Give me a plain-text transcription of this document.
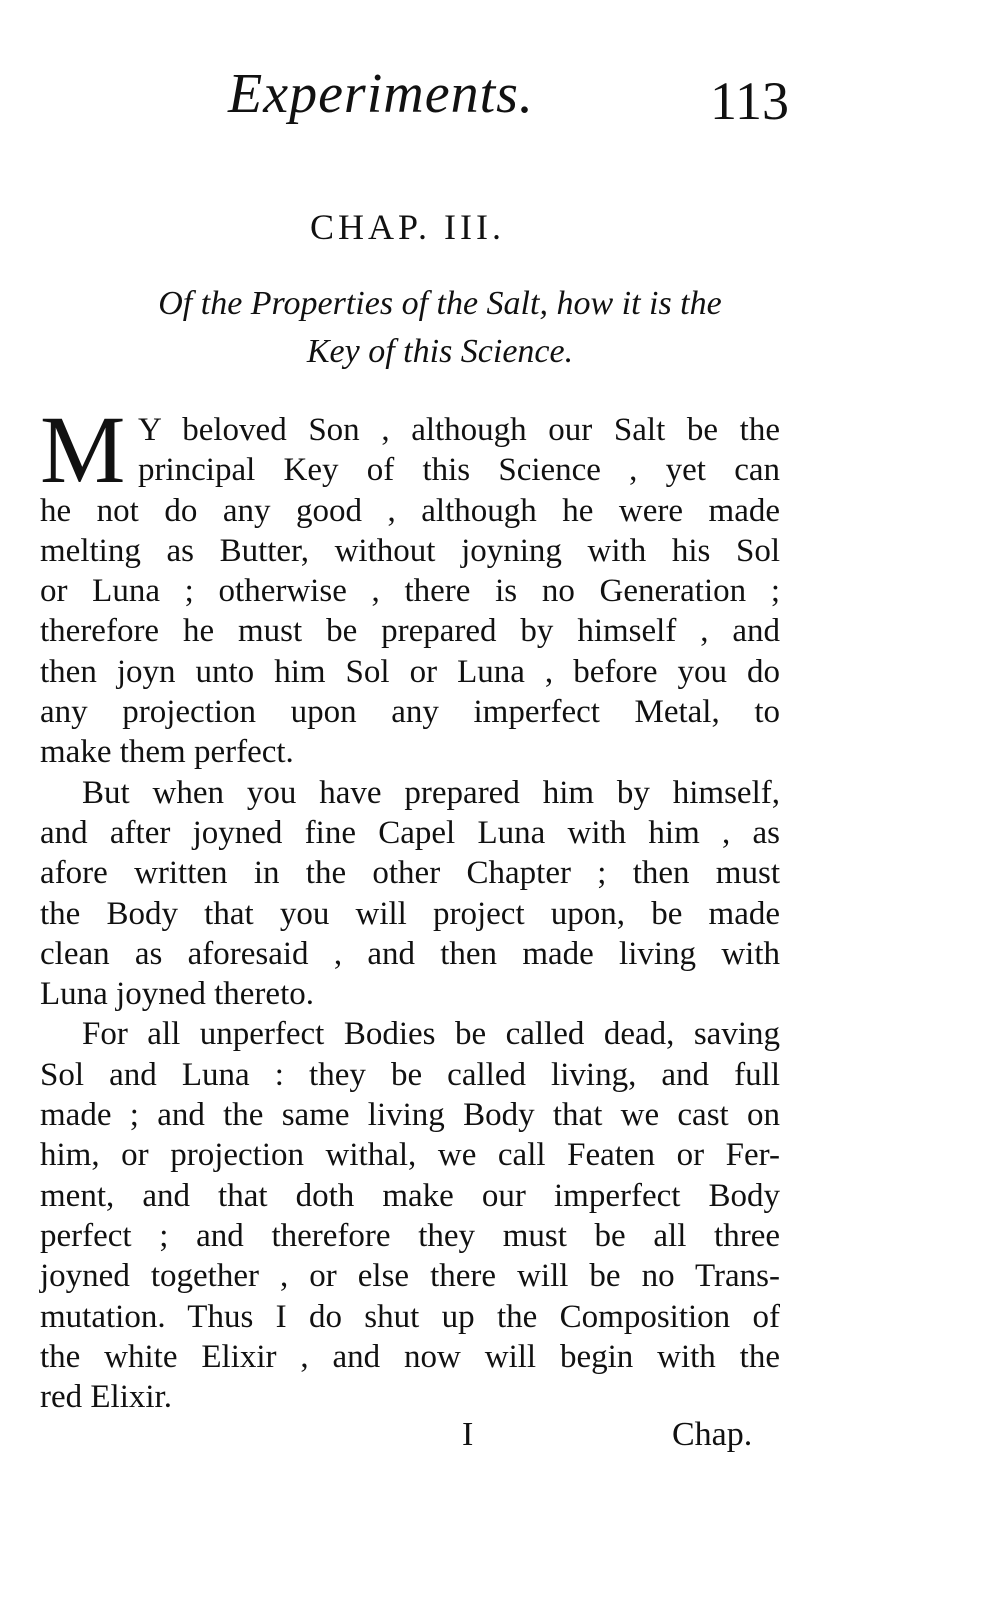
Experiments.	113
CHAP. III.
Of the Properties of the Salt, how it is the
Key of this Science.
M Y beloved Son , although our Salt be the
principal Key of this Science , yet can
he not do any good , although he were made
melting as Butter, without joyning with his Sol
or Luna ; otherwise , there is no Generation ;
therefore he must be prepared by himself , and
then joyn unto him Sol or Luna , before you do
any projection upon any imperfect Metal, to
make them perfect.
But when you have prepared him by himself,
and after joyned fine Capel Luna with him , as
afore written in the other Chapter ; then must
the Body that you will project upon, be made
clean as aforesaid , and then made living with
Luna joyned thereto.
For all unperfect Bodies be called dead, saving
Sol and Luna : they be called living, and full
made ; and the same living Body that we cast on
him, or projection withal, we call Featen or Fer-
ment, and that doth make our imperfect Body
perfect ; and therefore they must be all three
joyned together , or else there will be no Trans-
mutation. Thus I do shut up the Composition of
the white Elixir , and now will begin with the
red Elixir.
I	Chap.
